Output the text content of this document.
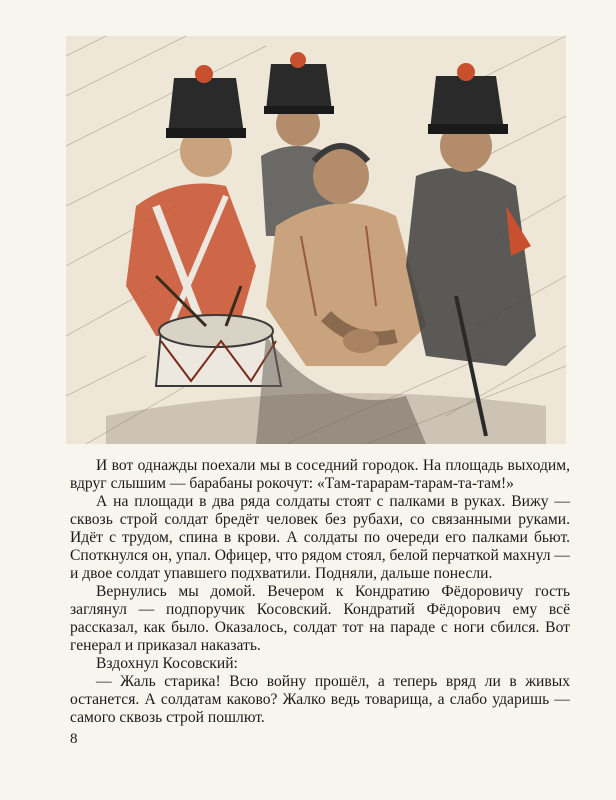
И вот однажды поехали мы в соседний городок. На площадь выходим, вдруг слышим — барабаны рокочут: «Там-тарарам-тарам-та-там!»

А на площади в два ряда солдаты стоят с палками в руках. Вижу — сквозь строй солдат бредёт человек без рубахи, со связанными руками. Идёт с трудом, спина в крови. А солдаты по очереди его палками бьют. Споткнулся он, упал. Офицер, что рядом стоял, белой перчаткой махнул — и двое солдат упавшего подхватили. Подняли, дальше понесли.

Вернулись мы домой. Вечером к Кондратию Фёдоровичу гость заглянул — подпоручик Косовский. Кондратий Фёдорович ему всё рассказал, как было. Оказалось, солдат тот на параде с ноги сбился. Вот генерал и приказал наказать.

Вздохнул Косовский:

— Жаль старика! Всю войну прошёл, а теперь вряд ли в живых останется. А солдатам каково? Жалко ведь товарища, а слабо ударишь — самого сквозь строй пошлют.

8
